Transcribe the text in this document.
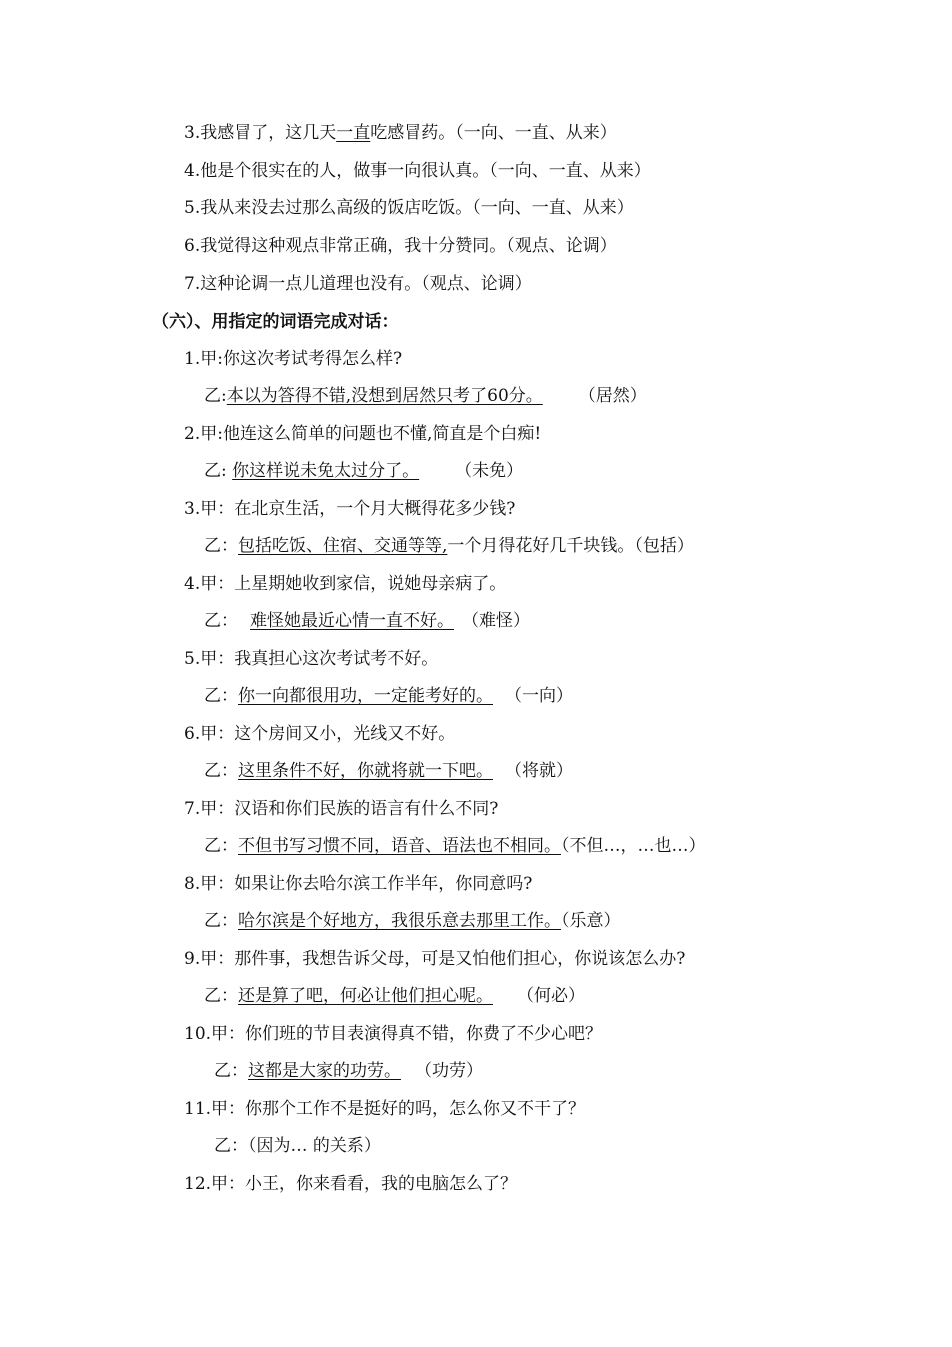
3.我感冒了，这几天一直吃感冒药。（一向、一直、从来）
4.他是个很实在的人，做事一向很认真。（一向、一直、从来）
5.我从来没去过那么高级的饭店吃饭。（一向、一直、从来）
6.我觉得这种观点非常正确，我十分赞同。（观点、论调）
7.这种论调一点儿道理也没有。（观点、论调）
（六）、用指定的词语完成对话：
1.甲:你这次考试考得怎么样?
乙:本以为答得不错,没想到居然只考了60分。 （居然）
2.甲:他连这么简单的问题也不懂,简直是个白痴!
乙: 你这样说未免太过分了。 （未免）
3.甲：在北京生活，一个月大概得花多少钱?
乙：包括吃饭、住宿、交通等等,一个月得花好几千块钱。（包括）
4.甲：上星期她收到家信，说她母亲病了。
乙： 难怪她最近心情一直不好。 （难怪）
5.甲：我真担心这次考试考不好。
乙：你一向都很用功，一定能考好的。 （一向）
6.甲：这个房间又小，光线又不好。
乙：这里条件不好，你就将就一下吧。 （将就）
7.甲：汉语和你们民族的语言有什么不同?
乙：不但书写习惯不同，语音、语法也不相同。（不但…，…也…）
8.甲：如果让你去哈尔滨工作半年，你同意吗?
乙：哈尔滨是个好地方，我很乐意去那里工作。（乐意）
9.甲：那件事，我想告诉父母，可是又怕他们担心，你说该怎么办?
乙：还是算了吧，何必让他们担心呢。 （何必）
10.甲：你们班的节目表演得真不错，你费了不少心吧？
乙：这都是大家的功劳。 （功劳）
11.甲：你那个工作不是挺好的吗，怎么你又不干了？
乙：（因为… 的关系）
12.甲：小王，你来看看，我的电脑怎么了？
